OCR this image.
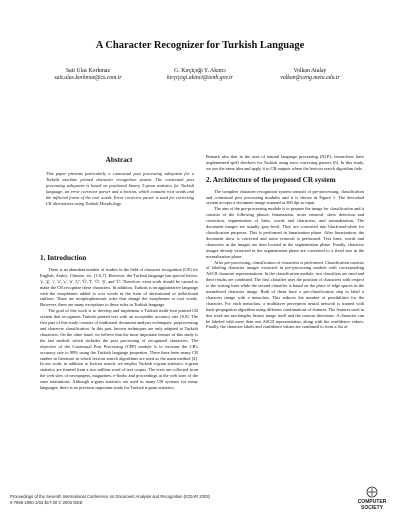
A Character Recognizer for Turkish Language
Sait Ulas Korkmaz
sait.ulas.korkmaz@cs.com.tr
G. Kırçiçeği Y. Akıncı
kırçiçegi.akinci@tenb.gov.tr
Volkan Atalay
volkan@ceng.metu.edu.tr
Abstract
This paper presents particularly a contextual post processing subsystem for a Turkish machine printed character recognition system. The contextual post processing subsystem is based on positional binary 3-gram statistics for Turkish language, an error corrector parser and a lexicon, which contains root words and the inflected forms of the root words. Error corrector parser is used for correcting CR alternatives using Turkish Morphology.

1. Introduction

There is an abundant number of studies in the field of character recognition (CR) for English, Arabic, Chinese, etc. [1-6,7]. However, the Turkish language has special letters: 'ş', 'ğ', 'ı', 'ö', 'ç', 'ü', 'Ç', 'Ğ', 'İ', 'Ö', 'Ş', and 'Ü'. Therefore, extra work should be carried to make the CR recognize these characters. In addition, Turkish is an agglutinative language with the morphemes added to root words in the form of derivational or inflectional suffixes. There are morphophonemic rules that change the morphemes or root words. However, there are many exceptions to these rules in Turkish language.

The goal of this work is to develop and implement a Turkish multi-font printed CR system that recognizes Turkish printed text with an acceptable accuracy rate [8,9]. The first part of this study consists of traditional document analysis techniques: preprocessing and character classification. In this part, known techniques are only adapted to Turkish characters. On the other hand, we believe that the most important feature of this study is the last module which includes the post processing of recognized characters. The objective of the Contextual Post Processing (CPP) module is to increase the CR's accuracy rate to 98% using the Turkish language properties. There have been many CR studies in literature in which lexicon search algorithms are used as the main method [4]. In our work, in addition to lexicon search, we employ Turkish n-gram statistics. n-gram statistics are formed from a two million word of text corpus. The texts are collected from the web sites of newspapers, magazines, e-books and proceedings at the web sites of the state institutions. Although n-gram statistics are used in many CR systems for many languages, there is no previous important study for Turkish n-gram statistics.

Remark also that in the area of natural language processing (NLP), researchers have implemented spell checkers for Turkish using error correcting parsers [6]. In this study, we use the same idea and apply it to CR outputs where the lexicon search algorithm fails.

2. Architecture of the proposed CR system

The complete character recognition system consists of pre-processing, classification and contextual post processing modules and it is shown in Figure 1. The described system accepts a document image scanned at 300 dpi as input.

The aim of the pre-processing module is to prepare the image for classification and it consists of the following phases: binarization, noise removal, skew detection and correction, segmentation of lines, words and characters, and normalization. The document images are usually gray-level. They are converted into black-and-white for classification purposes. This is performed in binarization phase. After binarization, the document skew is corrected and noise removal is performed. Text lines, words and characters in the images are then located in the segmentation phase. Finally, character images already extracted in the segmentation phase are converted to a fixed size in the normalization phase.

After pre-processing, classification of characters is performed. Classification consists of labeling character images extracted in pre-processing module with corresponding ASCII character representations. In the classification module, two classifiers are used and their results are combined. The first classifier uses the position of characters with respect to the writing liner while the second classifier is based on the place of edge spaces in the normalized character image. Both of them have a pre-classification step to label a character image with a metaclass. This reduces the number of possibilities for the character. For each metaclass, a multilayer perceptron neural network is trained with back-propagation algorithm using different combinations of features. The features used in this work are run-lengths, binary image itself and the contour directions. A character can be labeled with more than one ASCII representation, along with the confidence values. Finally, the character labels and confidence values are combined to form a list of

Proceedings of the Seventh International Conference on Document Analysis and Recognition (ICDAR 2003)
0-7695-1960-1/03 $17.00 © 2003 IEEE	COMPUTER
SOCIETY
